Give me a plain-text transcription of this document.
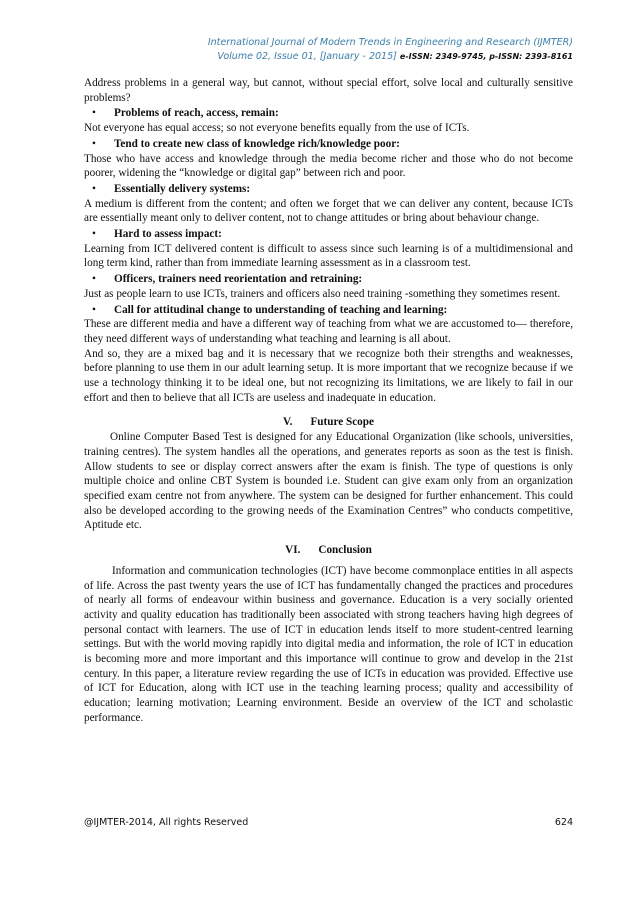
International Journal of Modern Trends in Engineering and Research (IJMTER)
Volume 02, Issue 01, [January - 2015] e-ISSN: 2349-9745, p-ISSN: 2393-8161

Address problems in a general way, but cannot, without special effort, solve local and culturally sensitive problems?

• Problems of reach, access, remain:

Not everyone has equal access; so not everyone benefits equally from the use of ICTs.

• Tend to create new class of knowledge rich/knowledge poor:

Those who have access and knowledge through the media become richer and those who do not become poorer, widening the “knowledge or digital gap” between rich and poor.

• Essentially delivery systems:

A medium is different from the content; and often we forget that we can deliver any content, because ICTs are essentially meant only to deliver content, not to change attitudes or bring about behaviour change.

• Hard to assess impact:

Learning from ICT delivered content is difficult to assess since such learning is of a multidimensional and long term kind, rather than from immediate learning assessment as in a classroom test.

• Officers, trainers need reorientation and retraining:

Just as people learn to use ICTs, trainers and officers also need training -something they sometimes resent.

• Call for attitudinal change to understanding of teaching and learning:

These are different media and have a different way of teaching from what we are accustomed to— therefore, they need different ways of understanding what teaching and learning is all about.

And so, they are a mixed bag and it is necessary that we recognize both their strengths and weaknesses, before planning to use them in our adult learning setup. It is more important that we recognize because if we use a technology thinking it to be ideal one, but not recognizing its limitations, we are likely to fail in our effort and then to believe that all ICTs are useless and inadequate in education.

V. Future Scope

Online Computer Based Test is designed for any Educational Organization (like schools, universities, training centres). The system handles all the operations, and generates reports as soon as the test is finish. Allow students to see or display correct answers after the exam is finish. The type of questions is only multiple choice and online CBT System is bounded i.e. Student can give exam only from an organization specified exam centre not from anywhere. The system can be designed for further enhancement. This could also be developed according to the growing needs of the Examination Centres” who conducts competitive, Aptitude etc.

VI. Conclusion

Information and communication technologies (ICT) have become commonplace entities in all aspects of life. Across the past twenty years the use of ICT has fundamentally changed the practices and procedures of nearly all forms of endeavour within business and governance. Education is a very socially oriented activity and quality education has traditionally been associated with strong teachers having high degrees of personal contact with learners. The use of ICT in education lends itself to more student-centred learning settings. But with the world moving rapidly into digital media and information, the role of ICT in education is becoming more and more important and this importance will continue to grow and develop in the 21st century. In this paper, a literature review regarding the use of ICTs in education was provided. Effective use of ICT for Education, along with ICT use in the teaching learning process; quality and accessibility of education; learning motivation; Learning environment. Beside an overview of the ICT and scholastic performance.

@IJMTER-2014, All rights Reserved	624
